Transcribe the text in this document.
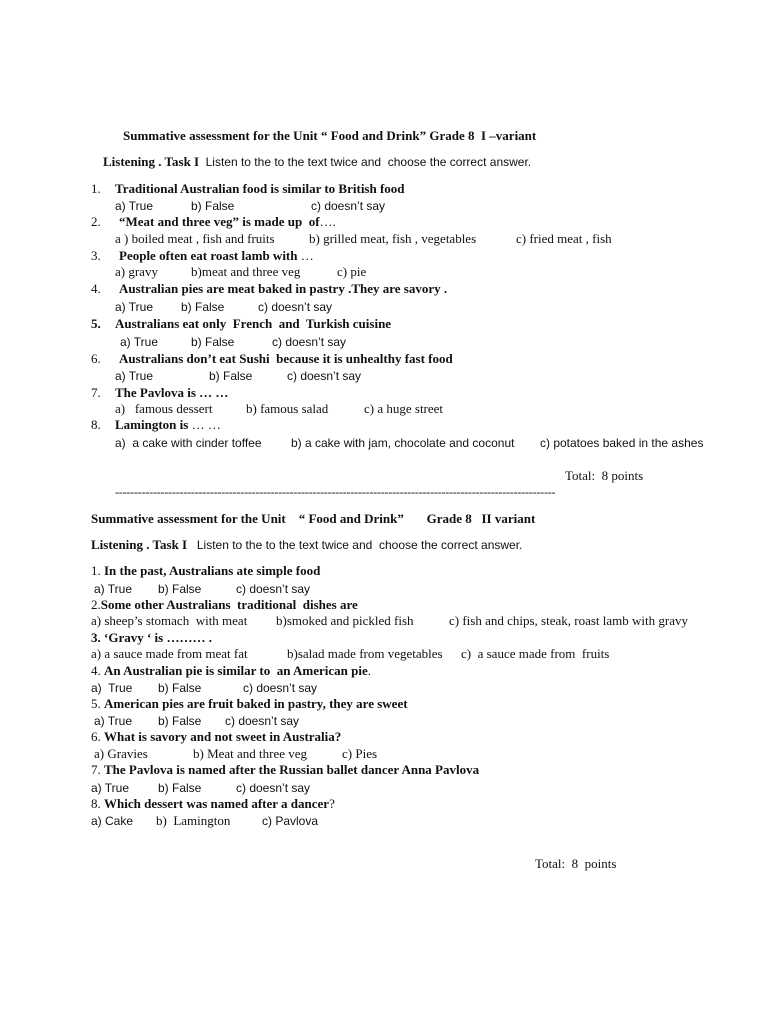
Summative assessment for the Unit “ Food and Drink” Grade 8  I –variant
Listening . Task I Listen to the to the text twice and  choose the correct answer.
1. Traditional Australian food is similar to British food
a) True	b) False	c) doesn’t say
2. “Meat and three veg” is made up  of….
a ) boiled meat , fish and fruits	b) grilled meat, fish , vegetables	c) fried meat , fish
3. People often eat roast lamb with …
a) gravy	b)meat and three veg	c) pie
4. Australian pies are meat baked in pastry .They are savory .
a) True b) False	c) doesn’t say
5. Australians eat only  French  and  Turkish cuisine
a) True	b) False	c) doesn’t say
6. Australians don’t eat Sushi  because it is unhealthy fast food
a) True	b) False	c) doesn’t say
7. The Pavlova is … …
a)   famous dessert	b) famous salad	c) a huge street
8. Lamington is … …
a)  a cake with cinder toffee b) a cake with jam, chocolate and coconut c) potatoes baked in the ashes
Total:  8 points
--------------------------------------------------------------------------------------------------------------------
Summative assessment for the Unit    “ Food and Drink”       Grade 8   II variant
Listening . Task I Listen to the to the text twice and  choose the correct answer.
1. In the past, Australians ate simple food
a) True b) False	c) doesn’t say
2.Some other Australians  traditional  dishes are
a) sheep’s stomach  with meat b)smoked and pickled fish	c) fish and chips, steak, roast lamb with gravy
3. ‘Gravy ‘ is ……… .
a) a sauce made from meat fat	b)salad made from vegetables c)  a sauce made from  fruits
4. An Australian pie is similar to  an American pie.
a)  True b) False	c) doesn’t say
5. American pies are fruit baked in pastry, they are sweet
a) True b) False c) doesn’t say
6. What is savory and not sweet in Australia?
a) Gravies	b) Meat and three veg	c) Pies
7. The Pavlova is named after the Russian ballet dancer Anna Pavlova
a) True b) False	c) doesn’t say
8. Which dessert was named after a dancer?
a) Cake b)  Lamington	c) Pavlova
Total:  8  points
